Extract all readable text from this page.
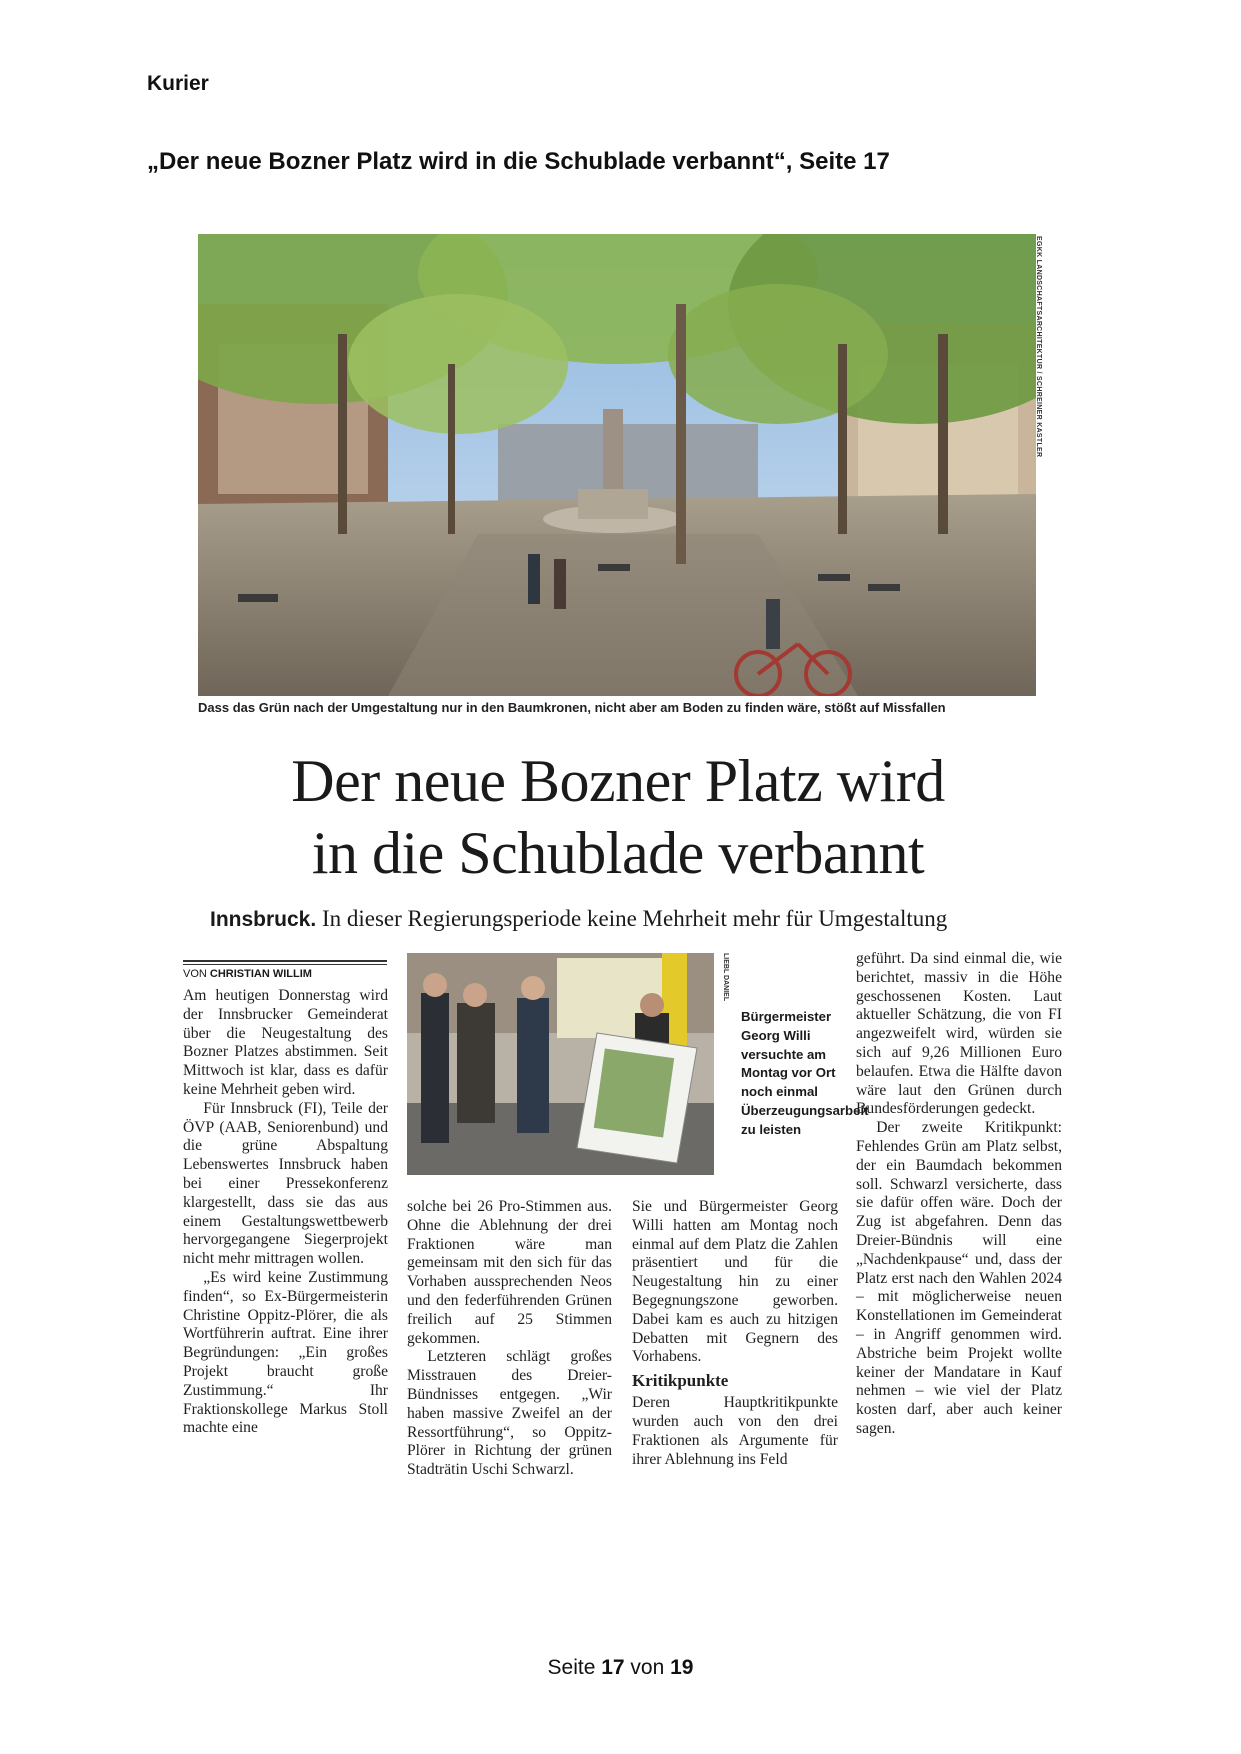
Kurier
„Der neue Bozner Platz wird in die Schublade verbannt“, Seite 17
EGKK LANDSCHAFTSARCHITEKTUR / SCHREINER KASTLER
Dass das Grün nach der Umgestaltung nur in den Baumkronen, nicht aber am Boden zu finden wäre, stößt auf Missfallen
Der neue Bozner Platz wird
in die Schublade verbannt
Innsbruck. In dieser Regierungsperiode keine Mehrheit mehr für Umgestaltung
VON CHRISTIAN WILLIM

Am heutigen Donnerstag wird der Innsbrucker Gemeinderat über die Neugestaltung des Bozner Platzes abstimmen. Seit Mittwoch ist klar, dass es dafür keine Mehrheit geben wird.

Für Innsbruck (FI), Teile der ÖVP (AAB, Seniorenbund) und die grüne Abspaltung Lebenswertes Innsbruck haben bei einer Pressekonferenz klargestellt, dass sie das aus einem Gestaltungswettbewerb hervorgegangene Siegerprojekt nicht mehr mittragen wollen.

„Es wird keine Zustimmung finden“, so Ex-Bürgermeisterin Christine Oppitz-Plörer, die als Wortführerin auftrat. Eine ihrer Begründungen: „Ein großes Projekt braucht große Zustimmung.“ Ihr Fraktionskollege Markus Stoll machte eine

LIEBL DANIEL
Bürgermeister Georg Willi versuchte am Montag vor Ort noch einmal Überzeugungsarbeit zu leisten

solche bei 26 Pro-Stimmen aus. Ohne die Ablehnung der drei Fraktionen wäre man gemeinsam mit den sich für das Vorhaben aussprechenden Neos und den federführenden Grünen freilich auf 25 Stimmen gekommen.

Letzteren schlägt großes Misstrauen des Dreier-Bündnisses entgegen. „Wir haben massive Zweifel an der Ressortführung“, so Oppitz-Plörer in Richtung der grünen Stadträtin Uschi Schwarzl.

Sie und Bürgermeister Georg Willi hatten am Montag noch einmal auf dem Platz die Zahlen präsentiert und für die Neugestaltung hin zu einer Begegnungszone geworben. Dabei kam es auch zu hitzigen Debatten mit Gegnern des Vorhabens.

Kritikpunkte

Deren Hauptkritikpunkte wurden auch von den drei Fraktionen als Argumente für ihrer Ablehnung ins Feld

geführt. Da sind einmal die, wie berichtet, massiv in die Höhe geschossenen Kosten. Laut aktueller Schätzung, die von FI angezweifelt wird, würden sie sich auf 9,26 Millionen Euro belaufen. Etwa die Hälfte davon wäre laut den Grünen durch Bundesförderungen gedeckt.

Der zweite Kritikpunkt: Fehlendes Grün am Platz selbst, der ein Baumdach bekommen soll. Schwarzl versicherte, dass sie dafür offen wäre. Doch der Zug ist abgefahren. Denn das Dreier-Bündnis will eine „Nachdenkpause“ und, dass der Platz erst nach den Wahlen 2024 – mit möglicherweise neuen Konstellationen im Gemeinderat – in Angriff genommen wird. Abstriche beim Projekt wollte keiner der Mandatare in Kauf nehmen – wie viel der Platz kosten darf, aber auch keiner sagen.

Seite 17 von 19
